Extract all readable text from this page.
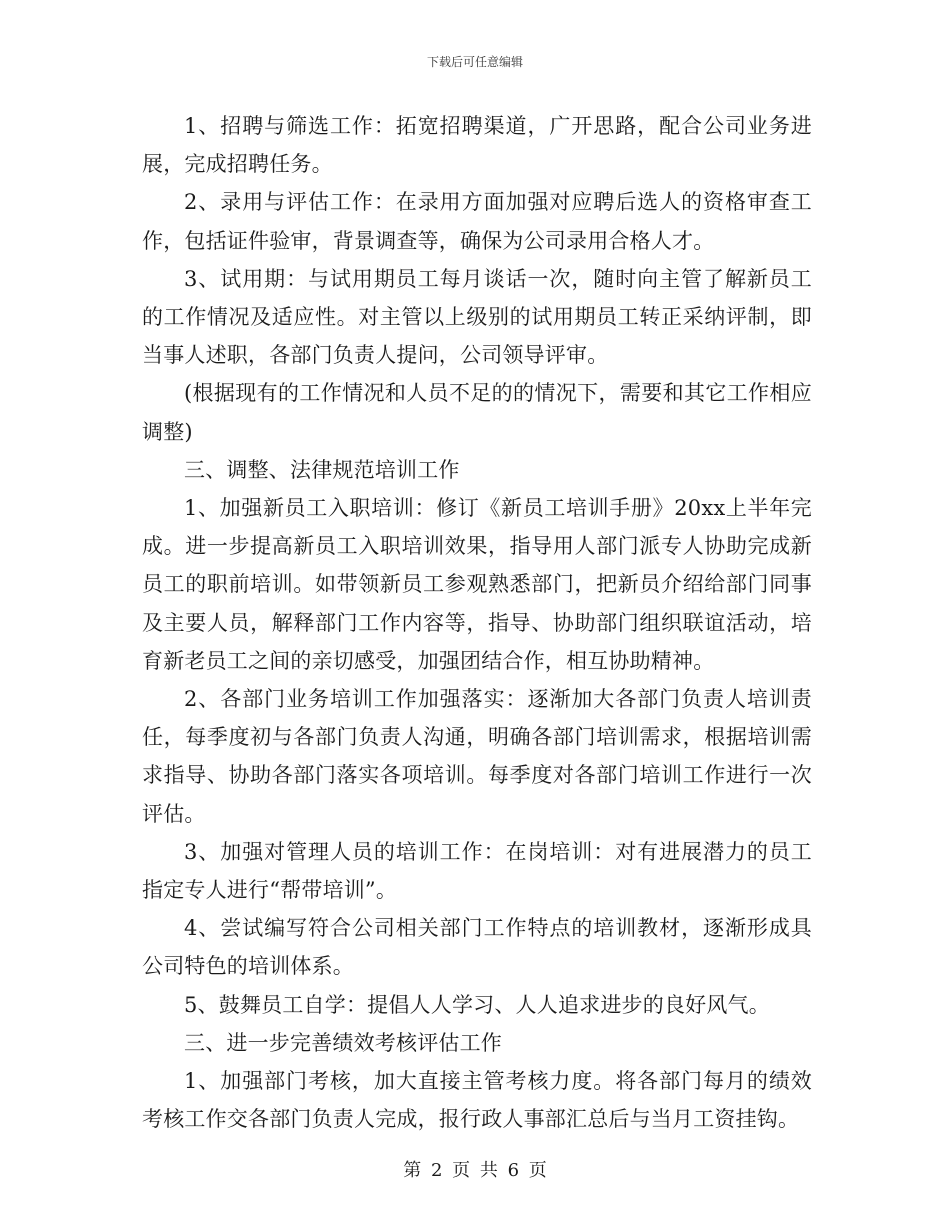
下载后可任意编辑

1、招聘与筛选工作：拓宽招聘渠道，广开思路，配合公司业务进展，完成招聘任务。

2、录用与评估工作：在录用方面加强对应聘后选人的资格审查工作，包括证件验审，背景调查等，确保为公司录用合格人才。

3、试用期：与试用期员工每月谈话一次，随时向主管了解新员工的工作情况及适应性。对主管以上级别的试用期员工转正采纳评制，即当事人述职，各部门负责人提问，公司领导评审。

(根据现有的工作情况和人员不足的的情况下，需要和其它工作相应调整)

三、调整、法律规范培训工作

1、加强新员工入职培训：修订《新员工培训手册》20xx上半年完成。进一步提高新员工入职培训效果，指导用人部门派专人协助完成新员工的职前培训。如带领新员工参观熟悉部门，把新员介绍给部门同事及主要人员，解释部门工作内容等，指导、协助部门组织联谊活动，培育新老员工之间的亲切感受，加强团结合作，相互协助精神。

2、各部门业务培训工作加强落实：逐渐加大各部门负责人培训责任，每季度初与各部门负责人沟通，明确各部门培训需求，根据培训需求指导、协助各部门落实各项培训。每季度对各部门培训工作进行一次评估。

3、加强对管理人员的培训工作：在岗培训：对有进展潜力的员工指定专人进行“帮带培训”。

4、尝试编写符合公司相关部门工作特点的培训教材，逐渐形成具公司特色的培训体系。

5、鼓舞员工自学：提倡人人学习、人人追求进步的良好风气。

三、进一步完善绩效考核评估工作

1、加强部门考核，加大直接主管考核力度。将各部门每月的绩效考核工作交各部门负责人完成，报行政人事部汇总后与当月工资挂钩。

第 2 页 共 6 页
